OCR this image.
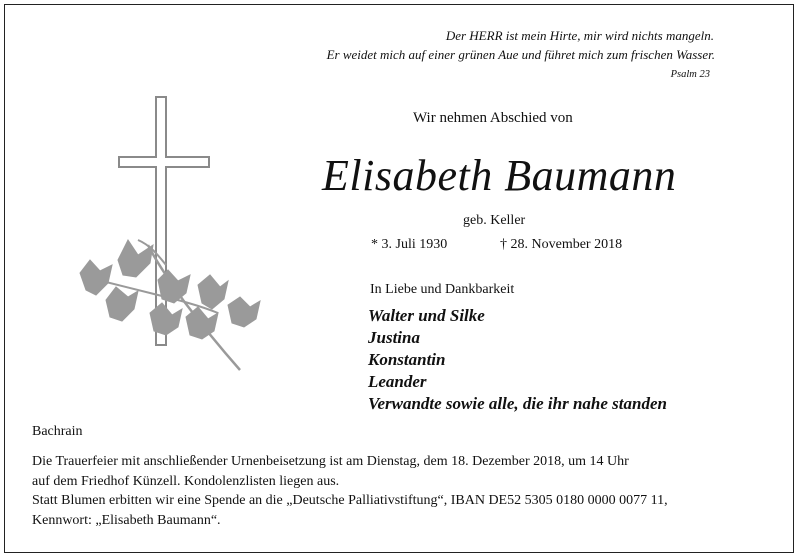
Der HERR ist mein Hirte, mir wird nichts mangeln.
Er weidet mich auf einer grünen Aue und führet mich zum frischen Wasser.
Psalm 23
Wir nehmen Abschied von
Elisabeth Baumann
geb. Keller
* 3. Juli 1930	† 28. November 2018
In Liebe und Dankbarkeit
Walter und Silke
Justina
Konstantin
Leander
Verwandte sowie alle, die ihr nahe standen
Bachrain
Die Trauerfeier mit anschließender Urnenbeisetzung ist am Dienstag, dem 18. Dezember 2018, um 14 Uhr
auf dem Friedhof Künzell. Kondolenzlisten liegen aus.
Statt Blumen erbitten wir eine Spende an die „Deutsche Palliativstiftung“, IBAN DE52 5305 0180 0000 0077 11,
Kennwort: „Elisabeth Baumann“.
